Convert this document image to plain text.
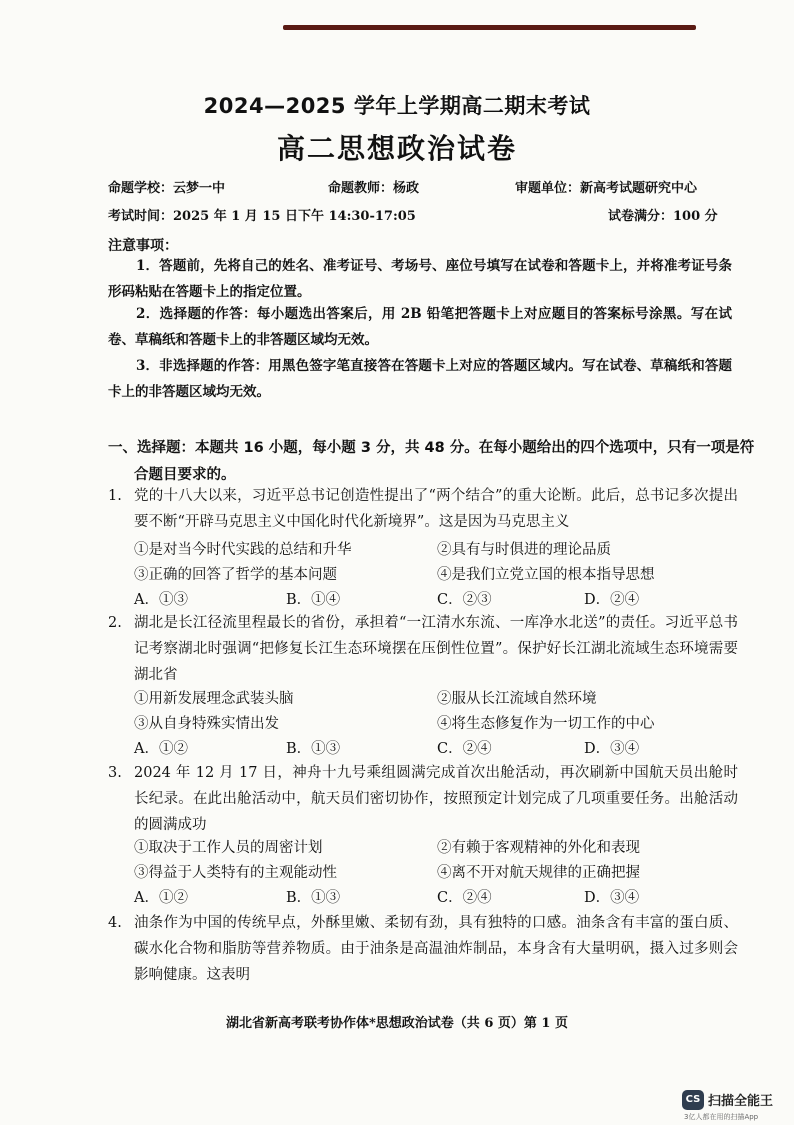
2024—2025 学年上学期高二期末考试
高二思想政治试卷
命题学校：云梦一中	命题教师：杨政	审题单位：新高考试题研究中心
考试时间：2025 年 1 月 15 日下午 14:30-17:05	试卷满分：100 分
注意事项：
1．答题前，先将自己的姓名、准考证号、考场号、座位号填写在试卷和答题卡上，并将准考证号条形码粘贴在答题卡上的指定位置。
2．选择题的作答：每小题选出答案后，用 2B 铅笔把答题卡上对应题目的答案标号涂黑。写在试卷、草稿纸和答题卡上的非答题区域均无效。
3．非选择题的作答：用黑色签字笔直接答在答题卡上对应的答题区域内。写在试卷、草稿纸和答题卡上的非答题区域均无效。
一、选择题：本题共 16 小题，每小题 3 分，共 48 分。在每小题给出的四个选项中，只有一项是符合题目要求的。
1. 党的十八大以来，习近平总书记创造性提出了“两个结合”的重大论断。此后，总书记多次提出要不断“开辟马克思主义中国化时代化新境界”。这是因为马克思主义
①是对当今时代实践的总结和升华	②具有与时俱进的理论品质
③正确的回答了哲学的基本问题	④是我们立党立国的根本指导思想
A．①③	B．①④	C．②③	D．②④
2. 湖北是长江径流里程最长的省份，承担着“一江清水东流、一库净水北送”的责任。习近平总书记考察湖北时强调“把修复长江生态环境摆在压倒性位置”。保护好长江湖北流域生态环境需要湖北省
①用新发展理念武装头脑	②服从长江流域自然环境
③从自身特殊实情出发	④将生态修复作为一切工作的中心
A．①②	B．①③	C．②④	D．③④
3. 2024 年 12 月 17 日，神舟十九号乘组圆满完成首次出舱活动，再次刷新中国航天员出舱时长纪录。在此出舱活动中，航天员们密切协作，按照预定计划完成了几项重要任务。出舱活动的圆满成功
①取决于工作人员的周密计划	②有赖于客观精神的外化和表现
③得益于人类特有的主观能动性	④离不开对航天规律的正确把握
A．①②	B．①③	C．②④	D．③④
4. 油条作为中国的传统早点，外酥里嫩、柔韧有劲，具有独特的口感。油条含有丰富的蛋白质、碳水化合物和脂肪等营养物质。由于油条是高温油炸制品，本身含有大量明矾，摄入过多则会影响健康。这表明
湖北省新高考联考协作体*思想政治试卷（共 6 页）第 1 页
CS 扫描全能王
3亿人都在用的扫描App
